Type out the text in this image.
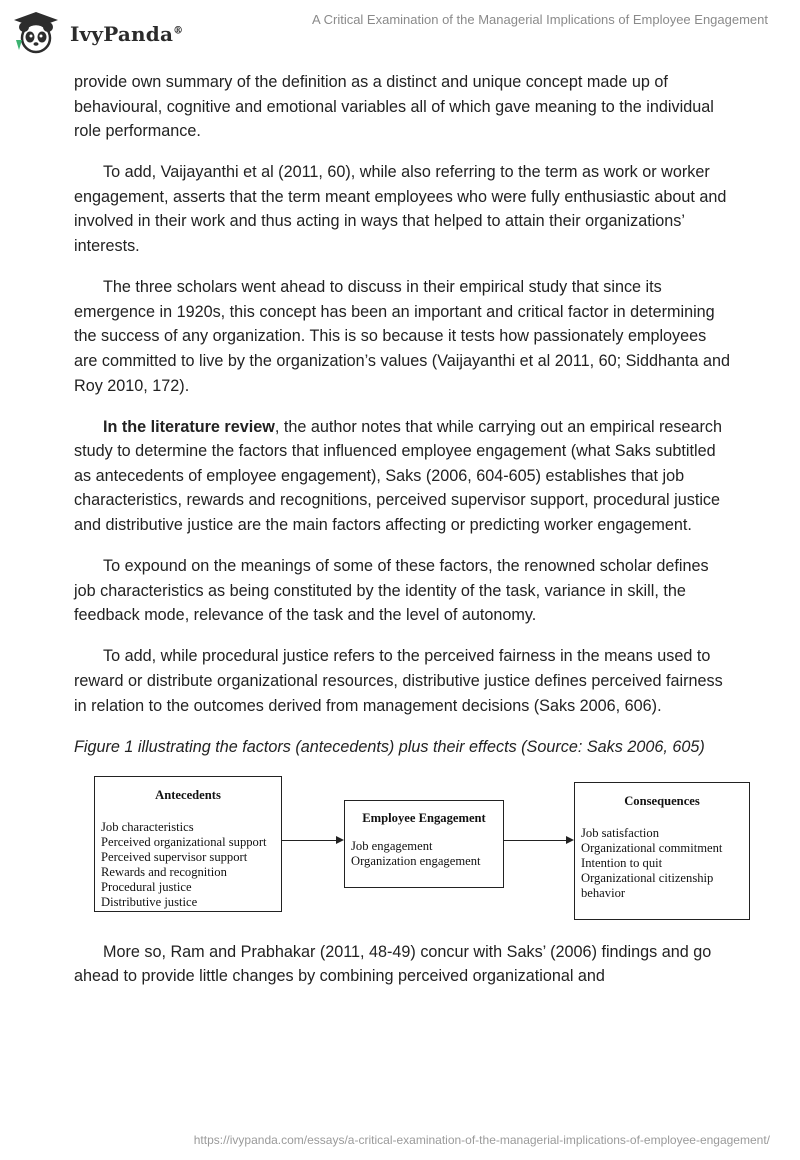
IvyPanda®
A Critical Examination of the Managerial Implications of Employee Engagement

provide own summary of the definition as a distinct and unique concept made up of behavioural, cognitive and emotional variables all of which gave meaning to the individual role performance.

To add, Vaijayanthi et al (2011, 60), while also referring to the term as work or worker engagement, asserts that the term meant employees who were fully enthusiastic about and involved in their work and thus acting in ways that helped to attain their organizations’ interests.

The three scholars went ahead to discuss in their empirical study that since its emergence in 1920s, this concept has been an important and critical factor in determining the success of any organization. This is so because it tests how passionately employees are committed to live by the organization’s values (Vaijayanthi et al 2011, 60; Siddhanta and Roy 2010, 172).

In the literature review, the author notes that while carrying out an empirical research study to determine the factors that influenced employee engagement (what Saks subtitled as antecedents of employee engagement), Saks (2006, 604-605) establishes that job characteristics, rewards and recognitions, perceived supervisor support, procedural justice and distributive justice are the main factors affecting or predicting worker engagement.

To expound on the meanings of some of these factors, the renowned scholar defines job characteristics as being constituted by the identity of the task, variance in skill, the feedback mode, relevance of the task and the level of autonomy.

To add, while procedural justice refers to the perceived fairness in the means used to reward or distribute organizational resources, distributive justice defines perceived fairness in relation to the outcomes derived from management decisions (Saks 2006, 606).

Figure 1 illustrating the factors (antecedents) plus their effects (Source: Saks 2006, 605)

Antecedents
Job characteristics
Perceived organizational support
Perceived supervisor support
Rewards and recognition
Procedural justice
Distributive justice
Employee Engagement
Job engagement
Organization engagement
Consequences
Job satisfaction
Organizational commitment
Intention to quit
Organizational citizenship
behavior

More so, Ram and Prabhakar (2011, 48-49) concur with Saks’ (2006) findings and go ahead to provide little changes by combining perceived organizational and

https://ivypanda.com/essays/a-critical-examination-of-the-managerial-implications-of-employee-engagement/
